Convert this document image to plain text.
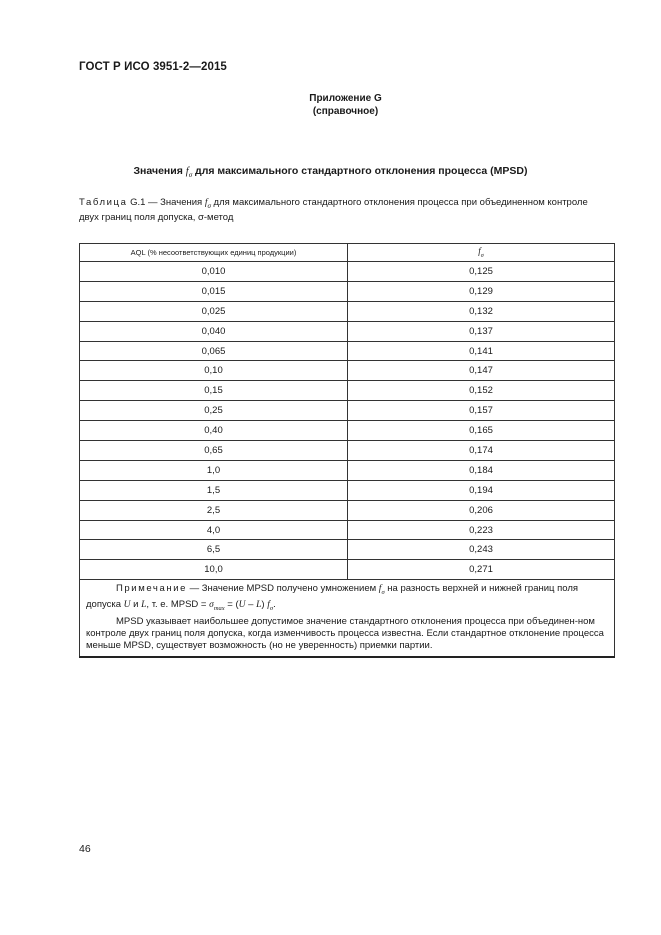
ГОСТ Р ИСО 3951-2—2015
Приложение G
(справочное)
Значения $f_\sigma$ для максимального стандартного отклонения процесса (MPSD)
Таблица G.1 — Значения $f_\sigma$ для максимального стандартного отклонения процесса при объединенном контроле
двух границ поля допуска, σ-метод
AQL (% несоответствующих единиц продукции)	$f_\sigma$
0,010	0,125
0,015	0,129
0,025	0,132
0,040	0,137
0,065	0,141
0,10	0,147
0,15	0,152
0,25	0,157
0,40	0,165
0,65	0,174
1,0	0,184
1,5	0,194
2,5	0,206
4,0	0,223
6,5	0,243
10,0	0,271

Примечание — Значение MPSD получено умножением $f_\sigma$ на разность верхней и нижней границ поля
допуска U и L, т. е. MPSD = $\sigma_{max} = (U - L)$ $f_\sigma$.
MPSD указывает наибольшее допустимое значение стандартного отклонения процесса при объединен-ном контроле двух границ поля допуска, когда изменчивость процесса известна. Если стандартное отклонение процесса меньше MPSD, существует возможность (но не уверенность) приемки партии.	
46
